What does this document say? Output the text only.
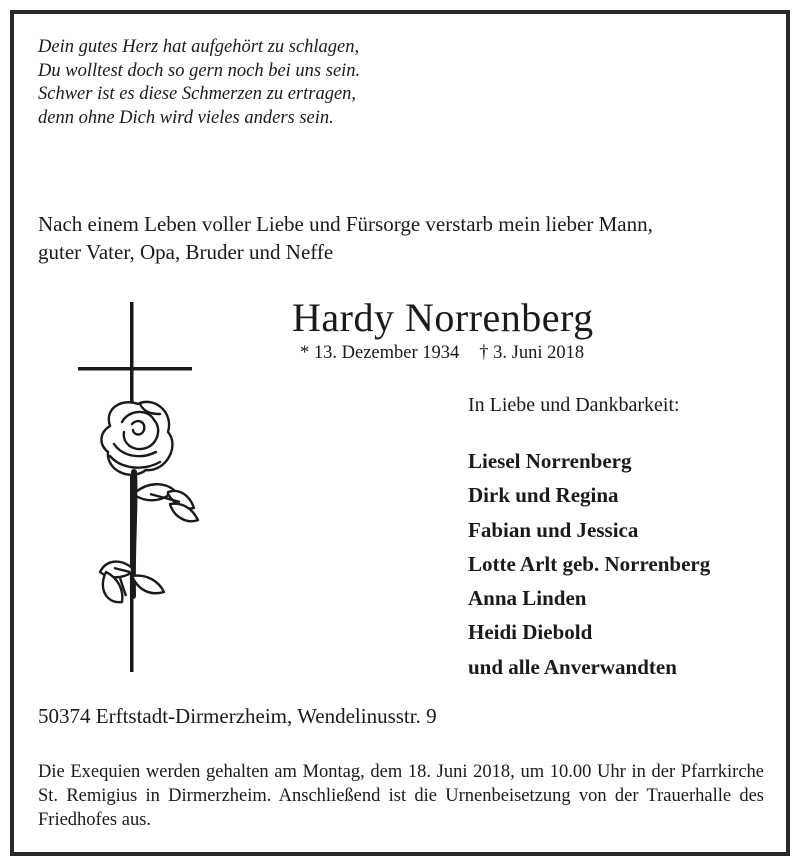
Dein gutes Herz hat aufgehört zu schlagen,
Du wolltest doch so gern noch bei uns sein.
Schwer ist es diese Schmerzen zu ertragen,
denn ohne Dich wird vieles anders sein.
Nach einem Leben voller Liebe und Fürsorge verstarb mein lieber Mann,
guter Vater, Opa, Bruder und Neffe
Hardy Norrenberg
* 13. Dezember 1934 † 3. Juni 2018
In Liebe und Dankbarkeit:
Liesel Norrenberg
Dirk und Regina
Fabian und Jessica
Lotte Arlt geb. Norrenberg
Anna Linden
Heidi Diebold
und alle Anverwandten
50374 Erftstadt-Dirmerzheim, Wendelinusstr. 9
Die Exequien werden gehalten am Montag, dem 18. Juni 2018, um 10.00 Uhr in der Pfarrkirche St. Remigius in Dirmerzheim. Anschließend ist die Urnenbeisetzung von der Trauerhalle des Friedhofes aus.
